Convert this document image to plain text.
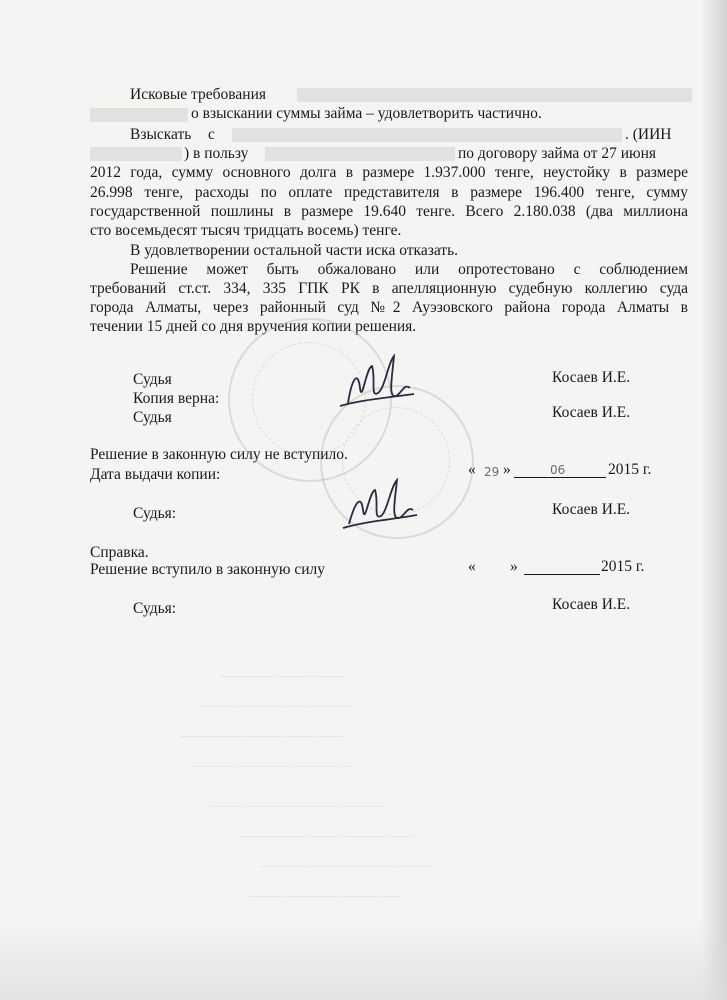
Исковые требования
о взыскании суммы займа – удовлетворить частично.
Взыскать с	. (ИИН
) в пользу	по договору займа от 27 июня
2012 года, сумму основного долга в размере 1.937.000 тенге, неустойку в размере
26.998 тенге, расходы по оплате представителя в размере 196.400 тенге, сумму
государственной пошлины в размере 19.640 тенге. Всего 2.180.038 (два миллиона
сто восемьдесят тысяч тридцать восемь) тенге.
В удовлетворении остальной части иска отказать.
Решение может быть обжаловано или опротестовано с соблюдением
требований ст.ст. 334, 335 ГПК РК в апелляционную судебную коллегию суда
города Алматы, через районный суд №2 Ауэзовского района города Алматы в
течении 15 дней со дня вручения копии решения.
Судья	Косаев И.Е.
Копия верна:
Судья	Косаев И.Е.
Решение в законную силу не вступило.
Дата выдачи копии:	« 29 »	06	2015 г.
Судья:	Косаев И.Е.
Справка.
Решение вступило в законную силу	« »	2015 г.
Судья:	Косаев И.Е.
————— ——— ———
——— ———— —— ————
—————— ——— ——— ——
———— ————— ———— —
——— ——— ————— ————
—————— ——— ———— ——
———— ———— ———— ———
——— ————— ——— ——
